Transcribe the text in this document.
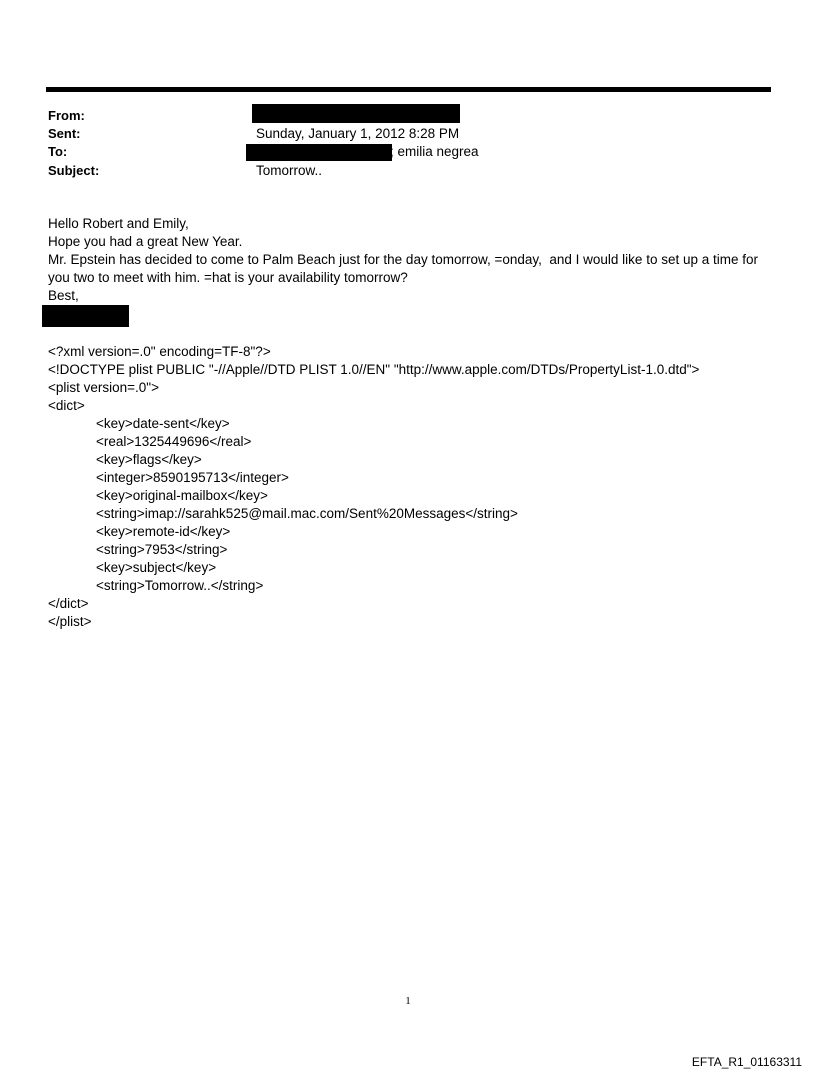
From:
Sent:	Sunday, January 1, 2012 8:28 PM
To:	; emilia negrea
Subject:	Tomorrow..
Hello Robert and Emily,
Hope you had a great New Year.
Mr. Epstein has decided to come to Palm Beach just for the day tomorrow, =onday,  and I would like to set up a time for you two to meet with him. =hat is your availability tomorrow?
Best,
<?xml version=.0" encoding=TF-8"?>
<!DOCTYPE plist PUBLIC "-//Apple//DTD PLIST 1.0//EN" "http://www.apple.com/DTDs/PropertyList-1.0.dtd">
<plist version=.0">
<dict>
<key>date-sent</key>
<real>1325449696</real>
<key>flags</key>
<integer>8590195713</integer>
<key>original-mailbox</key>
<string>imap://sarahk525@mail.mac.com/Sent%20Messages</string>
<key>remote-id</key>
<string>7953</string>
<key>subject</key>
<string>Tomorrow..</string>
</dict>
</plist>
1
EFTA_R1_01163311
